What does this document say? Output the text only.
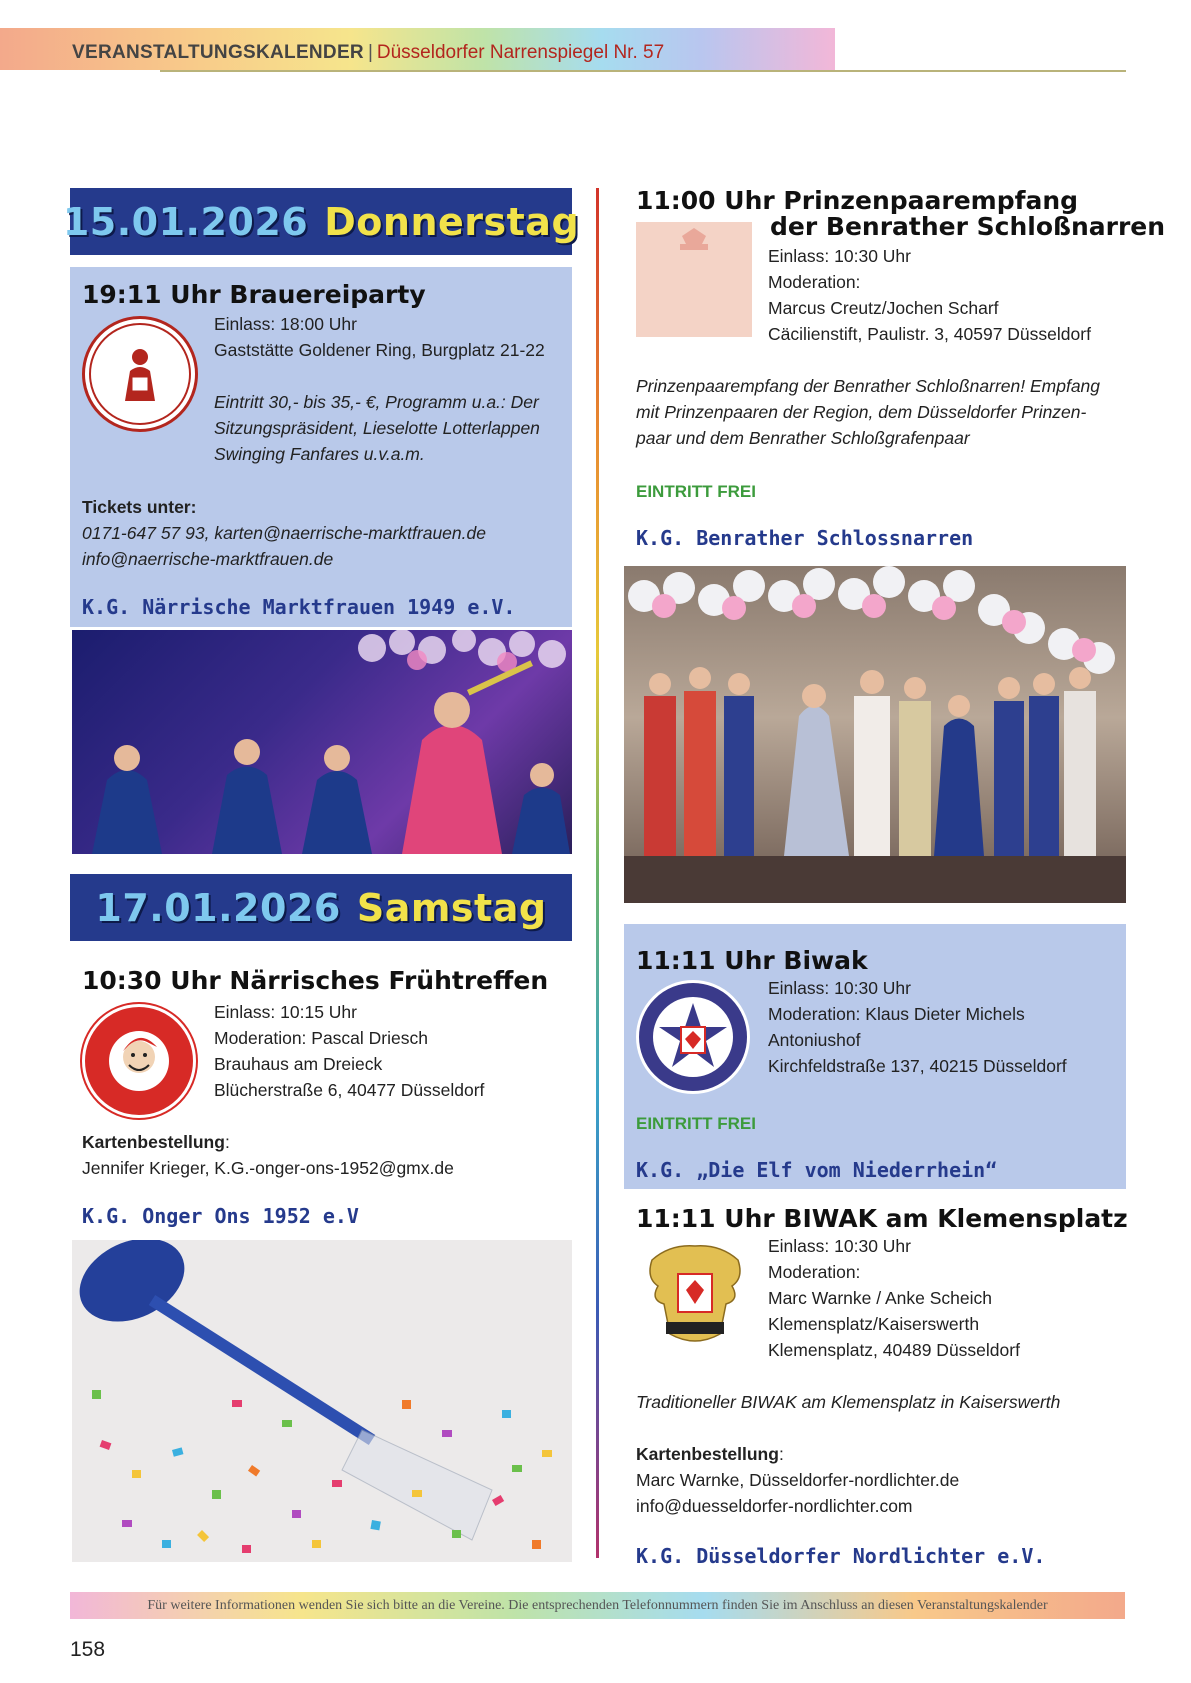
VERANSTALTUNGSKALENDER | Düsseldorfer Narrenspiegel Nr. 57
15.01.2026 Donnerstag
19:11 Uhr Brauereiparty
Einlass: 18:00 Uhr
Gaststätte Goldener Ring, Burgplatz 21-22
Eintritt 30,- bis 35,- €, Programm u.a.: Der
Sitzungspräsident, Lieselotte Lotterlappen
Swinging Fanfares u.v.a.m.
Tickets unter:
0171-647 57 93, karten@naerrische-marktfrauen.de
info@naerrische-marktfrauen.de
K.G. Närrische Marktfrauen 1949 e.V.
17.01.2026 Samstag
10:30 Uhr Närrisches Frühtreffen
Einlass: 10:15 Uhr
Moderation: Pascal Driesch
Brauhaus am Dreieck
Blücherstraße 6, 40477 Düsseldorf
Kartenbestellung:
Jennifer Krieger, K.G.-onger-ons-1952@gmx.de
K.G. Onger Ons 1952 e.V
11:00 Uhr Prinzenpaarempfang
der Benrather Schloßnarren
Einlass: 10:30 Uhr
Moderation:
Marcus Creutz/Jochen Scharf
Cäcilienstift, Paulistr. 3, 40597 Düsseldorf
Prinzenpaarempfang der Benrather Schloßnarren! Empfang
mit Prinzenpaaren der Region, dem Düsseldorfer Prinzen-
paar und dem Benrather Schloßgrafenpaar
EINTRITT FREI
K.G. Benrather Schlossnarren
11:11 Uhr Biwak
Einlass: 10:30 Uhr
Moderation: Klaus Dieter Michels
Antoniushof
Kirchfeldstraße 137, 40215 Düsseldorf
EINTRITT FREI
K.G. „Die Elf vom Niederrhein“
11:11 Uhr BIWAK am Klemensplatz
Einlass: 10:30 Uhr
Moderation:
Marc Warnke / Anke Scheich
Klemensplatz/Kaiserswerth
Klemensplatz, 40489 Düsseldorf
Traditioneller BIWAK am Klemensplatz in Kaiserswerth
Kartenbestellung:
Marc Warnke, Düsseldorfer-nordlichter.de
info@duesseldorfer-nordlichter.com
K.G. Düsseldorfer Nordlichter e.V.
Für weitere Informationen wenden Sie sich bitte an die Vereine. Die entsprechenden Telefonnummern finden Sie im Anschluss an diesen Veranstaltungskalender
158
